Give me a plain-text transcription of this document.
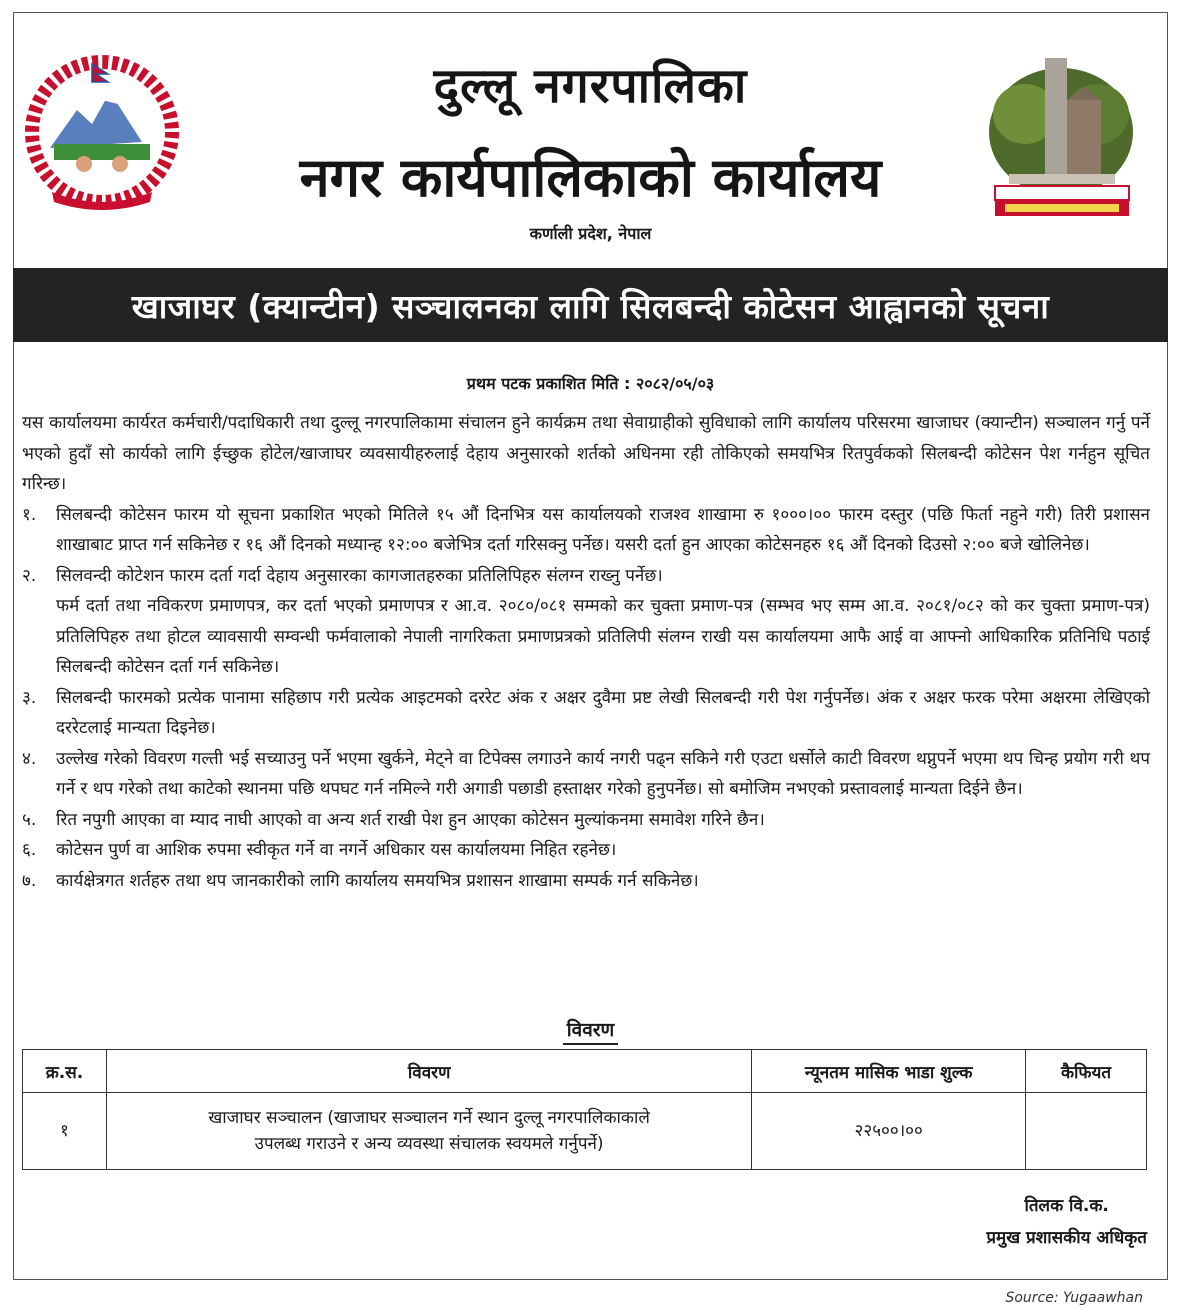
दुल्लू नगरपालिका
नगर कार्यपालिकाको कार्यालय
कर्णाली प्रदेश, नेपाल
खाजाघर (क्यान्टीन) सञ्चालनका लागि सिलबन्दी कोटेसन आह्वानको सूचना
प्रथम पटक प्रकाशित मिति : २०८२/०५/०३

यस कार्यालयमा कार्यरत कर्मचारी/पदाधिकारी तथा दुल्लू नगरपालिकामा संचालन हुने कार्यक्रम तथा सेवाग्राहीको सुविधाको लागि कार्यालय परिसरमा खाजाघर (क्यान्टीन) सञ्चालन गर्नु पर्ने भएको हुदाँ सो कार्यको लागि ईच्छुक होटेल/खाजाघर व्यवसायीहरुलाई देहाय अनुसारको शर्तको अधिनमा रही तोकिएको समयभित्र रितपुर्वकको सिलबन्दी कोटेसन पेश गर्नहुन सूचित गरिन्छ।

१.	सिलबन्दी कोटेसन फारम यो सूचना प्रकाशित भएको मितिले १५ औं दिनभित्र यस कार्यालयको राजश्व शाखामा रु १०००।०० फारम दस्तुर (पछि फिर्ता नहुने गरी) तिरी प्रशासन शाखाबाट प्राप्त गर्न सकिनेछ र १६ औं दिनको मध्यान्ह १२:०० बजेभित्र दर्ता गरिसक्नु पर्नेछ। यसरी दर्ता हुन आएका कोटेसनहरु १६ औं दिनको दिउसो २:०० बजे खोलिनेछ।
२.	सिलवन्दी कोटेशन फारम दर्ता गर्दा देहाय अनुसारका कागजातहरुका प्रतिलिपिहरु संलग्न राख्नु पर्नेछ।

फर्म दर्ता तथा नविकरण प्रमाणपत्र, कर दर्ता भएको प्रमाणपत्र र आ.व. २०८०/०८१ सम्मको कर चुक्ता प्रमाण-पत्र (सम्भव भए सम्म आ.व. २०८१/०८२ को कर चुक्ता प्रमाण-पत्र) प्रतिलिपिहरु तथा होटल व्यावसायी सम्वन्धी फर्मवालाको नेपाली नागरिकता प्रमाणप्रत्रको प्रतिलिपी संलग्न राखी यस कार्यालयमा आफै आई वा आफ्नो आधिकारिक प्रतिनिधि पठाई सिलबन्दी कोटेसन दर्ता गर्न सकिनेछ।

३.	सिलबन्दी फारमको प्रत्येक पानामा सहिछाप गरी प्रत्येक आइटमको दररेट अंक र अक्षर दुवैमा प्रष्ट लेखी सिलबन्दी गरी पेश गर्नुपर्नेछ। अंक र अक्षर फरक परेमा अक्षरमा लेखिएको दररेटलाई मान्यता दिइनेछ।
४.	उल्लेख गरेको विवरण गल्ती भई सच्याउनु पर्ने भएमा खुर्कने, मेट्ने वा टिपेक्स लगाउने कार्य नगरी पढ्न सकिने गरी एउटा धर्सोले काटी विवरण थप्नुपर्ने भएमा थप चिन्ह प्रयोग गरी थप गर्ने र थप गरेको तथा काटेको स्थानमा पछि थपघट गर्न नमिल्ने गरी अगाडी पछाडी हस्ताक्षर गरेको हुनुपर्नेछ। सो बमोजिम नभएको प्रस्तावलाई मान्यता दिईने छैन।
५.	रित नपुगी आएका वा म्याद नाघी आएको वा अन्य शर्त राखी पेश हुन आएका कोटेसन मुल्यांकनमा समावेश गरिने छैन।
६.	कोटेसन पुर्ण वा आशिक रुपमा स्वीकृत गर्ने वा नगर्ने अधिकार यस कार्यालयमा निहित रहनेछ।
७.	कार्यक्षेत्रगत शर्तहरु तथा थप जानकारीको लागि कार्यालय समयभित्र प्रशासन शाखामा सम्पर्क गर्न सकिनेछ।
विवरण
क्र.स.	विवरण	न्यूनतम मासिक भाडा शुल्क	कैफियत
१	खाजाघर सञ्चालन (खाजाघर सञ्चालन गर्ने स्थान दुल्लू नगरपालिकाकाले
उपलब्ध गराउने र अन्य व्यवस्था संचालक स्वयमले गर्नुपर्ने)	२२५००।००	
तिलक वि.क.
प्रमुख प्रशासकीय अधिकृत
Source: Yugaawhan
